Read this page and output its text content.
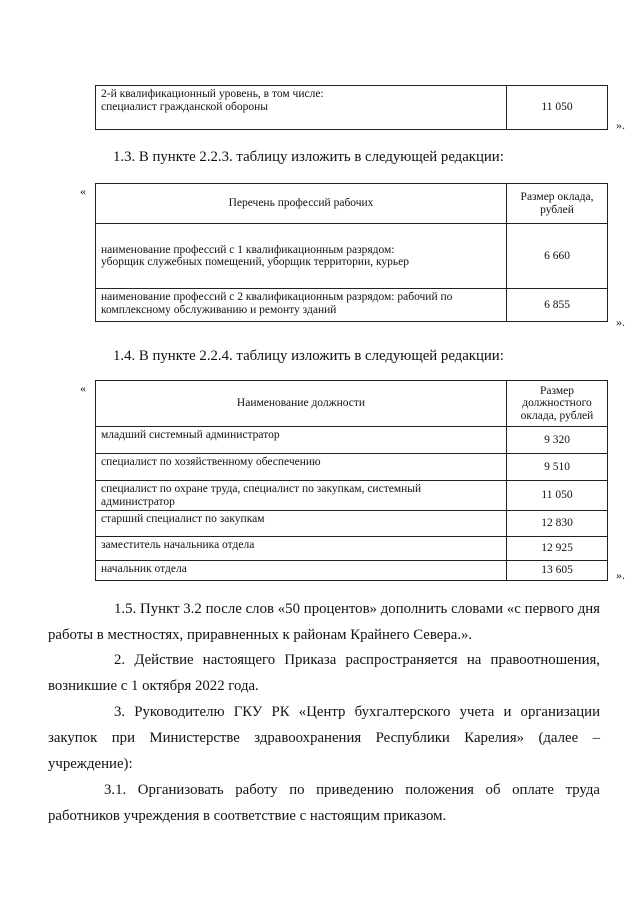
2-й квалификационный уровень, в том числе:
специалист гражданской обороны	11 050
».
1.3. В пункте 2.2.3. таблицу изложить в следующей редакции:
«
Перечень профессий рабочих	Размер оклада,
рублей

наименование профессий с 1 квалификационным разрядом:
уборщик служебных помещений, уборщик территории, курьер	6 660

наименование профессий с 2 квалификационным разрядом: рабочий по
комплексному обслуживанию и ремонту зданий	6 855
».
1.4. В пункте 2.2.4. таблицу изложить в следующей редакции:
«
Наименование должности	Размер
должностного
оклада, рублей

младший системный администратор	9 320

специалист по хозяйственному обеспечению	9 510

специалист по охране труда, специалист по закупкам, системный
администратор	11 050

старший специалист по закупкам	12 830

заместитель начальника отдела	12 925

начальник отдела	13 605	».
1.5. Пункт 3.2 после слов «50 процентов» дополнить словами «с первого дня работы в местностях, приравненных к районам Крайнего Севера.».
2. Действие настоящего Приказа распространяется на правоотношения, возникшие с 1 октября 2022 года.
3. Руководителю ГКУ РК «Центр бухгалтерского учета и организации закупок при Министерстве здравоохранения Республики Карелия» (далее – учреждение):
3.1. Организовать работу по приведению положения об оплате труда работников учреждения в соответствие с настоящим приказом.
